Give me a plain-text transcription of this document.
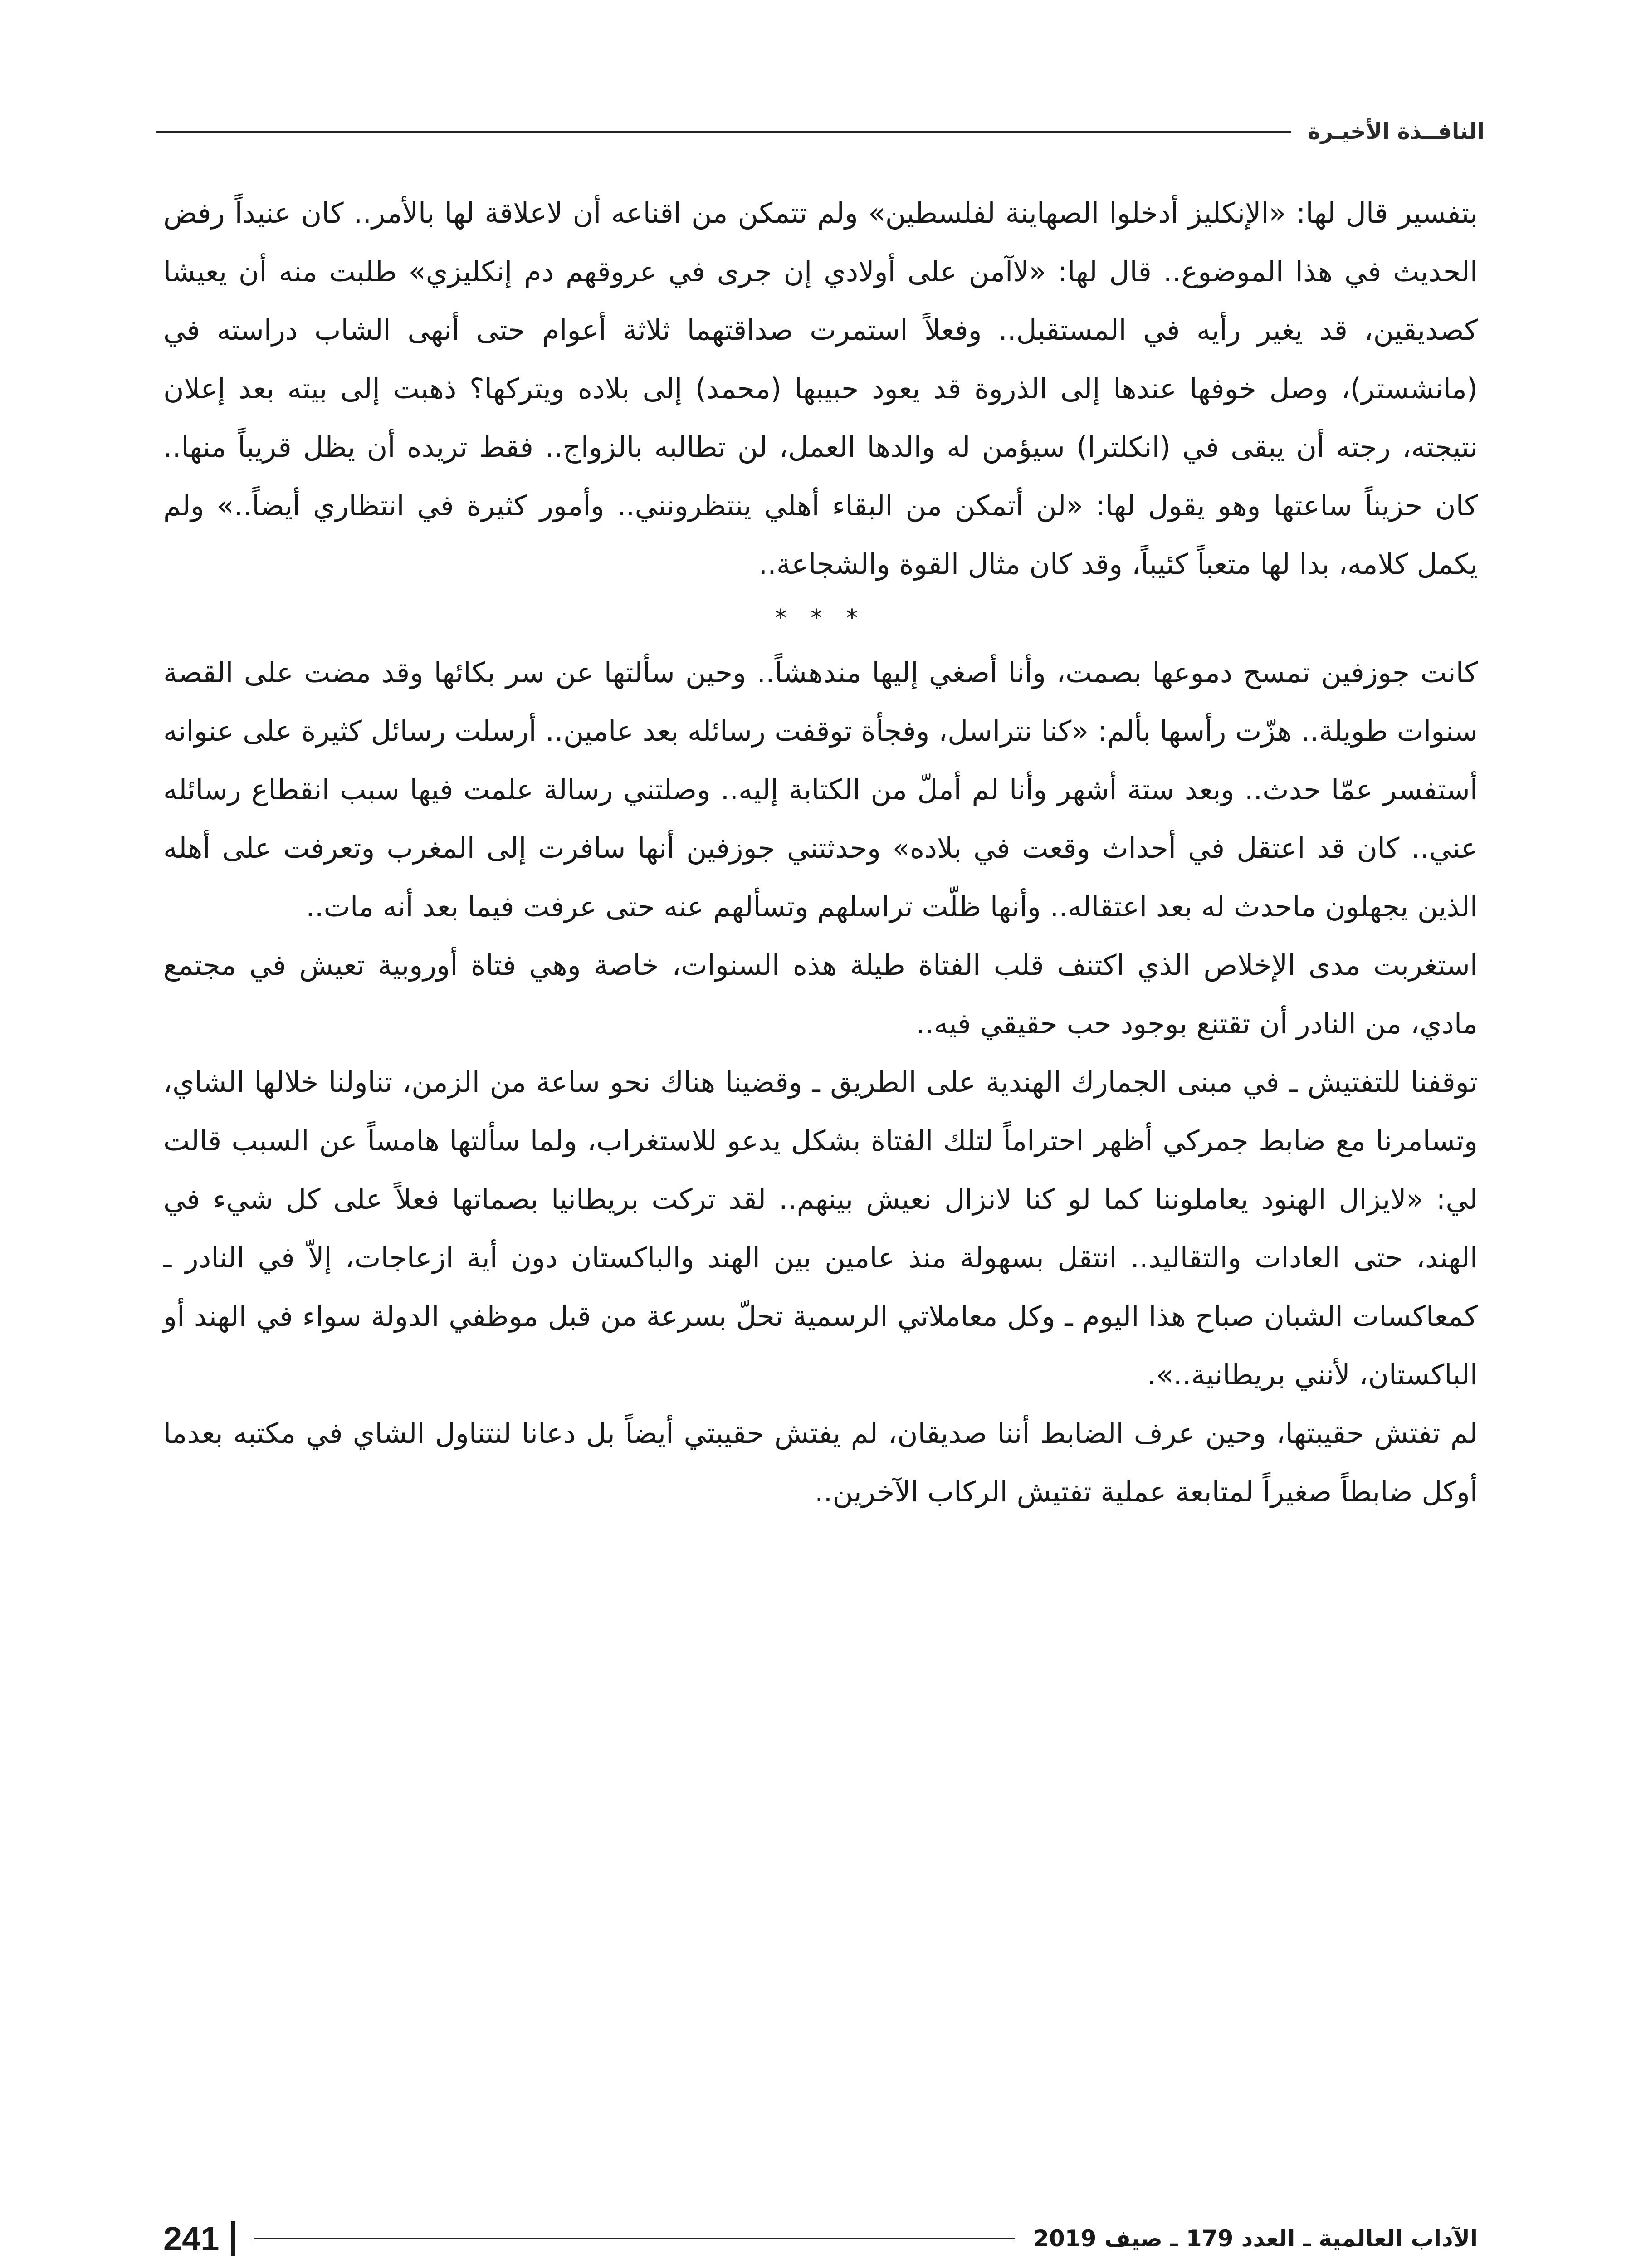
النافــذة الأخيـرة

بتفسير قال لها: «الإنكليز أدخلوا الصهاينة لفلسطين» ولم تتمكن من اقناعه أن لاعلاقة لها بالأمر.. كان عنيداً رفض الحديث في هذا الموضوع.. قال لها: «لاآمن على أولادي إن جرى في عروقهم دم إنكليزي» طلبت منه أن يعيشا كصديقين، قد يغير رأيه في المستقبل.. وفعلاً استمرت صداقتهما ثلاثة أعوام حتى أنهى الشاب دراسته في (مانشستر)، وصل خوفها عندها إلى الذروة قد يعود حبيبها (محمد) إلى بلاده ويتركها؟ ذهبت إلى بيته بعد إعلان نتيجته، رجته أن يبقى في (انكلترا) سيؤمن له والدها العمل، لن تطالبه بالزواج.. فقط تريده أن يظل قريباً منها.. كان حزيناً ساعتها وهو يقول لها: «لن أتمكن من البقاء أهلي ينتظرونني.. وأمور كثيرة في انتظاري أيضاً..» ولم يكمل كلامه، بدا لها متعباً كئيباً، وقد كان مثال القوة والشجاعة..

* * *

كانت جوزفين تمسح دموعها بصمت، وأنا أصغي إليها مندهشاً.. وحين سألتها عن سر بكائها وقد مضت على القصة سنوات طويلة.. هزّت رأسها بألم: «كنا نتراسل، وفجأة توقفت رسائله بعد عامين.. أرسلت رسائل كثيرة على عنوانه أستفسر عمّا حدث.. وبعد ستة أشهر وأنا لم أملّ من الكتابة إليه.. وصلتني رسالة علمت فيها سبب انقطاع رسائله عني.. كان قد اعتقل في أحداث وقعت في بلاده» وحدثتني جوزفين أنها سافرت إلى المغرب وتعرفت على أهله الذين يجهلون ماحدث له بعد اعتقاله.. وأنها ظلّت تراسلهم وتسألهم عنه حتى عرفت فيما بعد أنه مات..

استغربت مدى الإخلاص الذي اكتنف قلب الفتاة طيلة هذه السنوات، خاصة وهي فتاة أوروبية تعيش في مجتمع مادي، من النادر أن تقتنع بوجود حب حقيقي فيه..

توقفنا للتفتيش ـ في مبنى الجمارك الهندية على الطريق ـ وقضينا هناك نحو ساعة من الزمن، تناولنا خلالها الشاي، وتسامرنا مع ضابط جمركي أظهر احتراماً لتلك الفتاة بشكل يدعو للاستغراب، ولما سألتها هامساً عن السبب قالت لي: «لايزال الهنود يعاملوننا كما لو كنا لانزال نعيش بينهم.. لقد تركت بريطانيا بصماتها فعلاً على كل شيء في الهند، حتى العادات والتقاليد.. انتقل بسهولة منذ عامين بين الهند والباكستان دون أية ازعاجات، إلاّ في النادر ـ كمعاكسات الشبان صباح هذا اليوم ـ وكل معاملاتي الرسمية تحلّ بسرعة من قبل موظفي الدولة سواء في الهند أو الباكستان، لأنني بريطانية..».

لم تفتش حقيبتها، وحين عرف الضابط أننا صديقان، لم يفتش حقيبتي أيضاً بل دعانا لنتناول الشاي في مكتبه بعدما أوكل ضابطاً صغيراً لمتابعة عملية تفتيش الركاب الآخرين..

241	الآداب العالمية ـ العدد 179 ـ صيف 2019
